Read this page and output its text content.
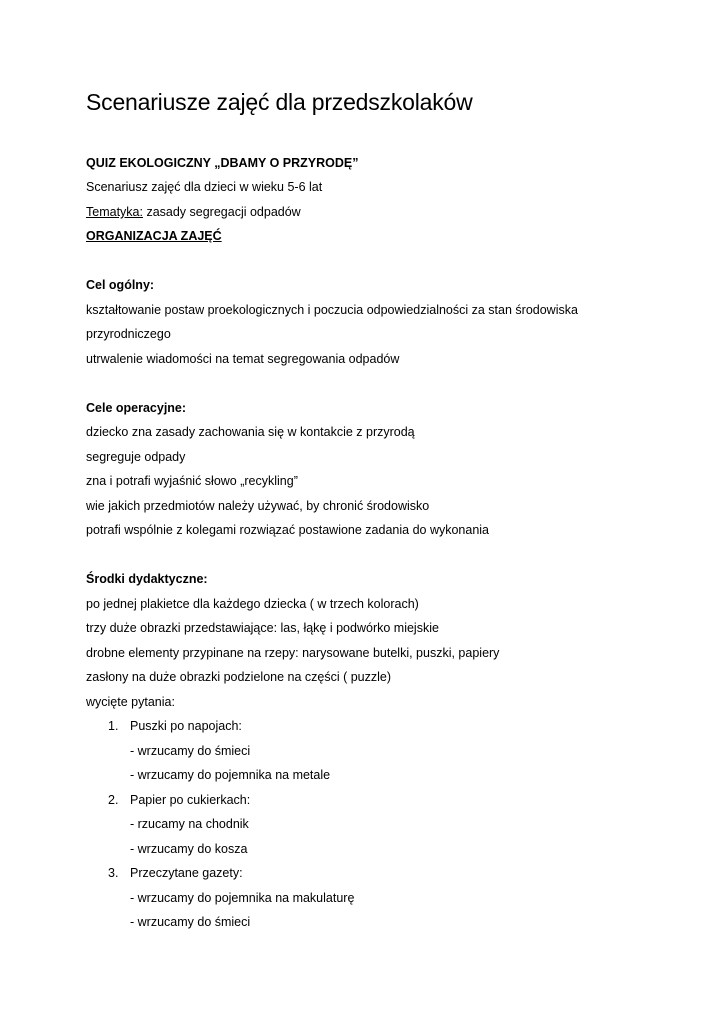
Scenariusze zajęć dla przedszkolaków
QUIZ EKOLOGICZNY „DBAMY O PRZYRODĘ”
Scenariusz zajęć dla dzieci w wieku 5-6 lat
Tematyka: zasady segregacji odpadów
ORGANIZACJA ZAJĘĆ
Cel ogólny:
kształtowanie postaw proekologicznych i poczucia odpowiedzialności za stan środowiska
przyrodniczego
utrwalenie wiadomości na temat segregowania odpadów
Cele operacyjne:
dziecko zna zasady zachowania się w kontakcie z przyrodą
segreguje odpady
zna i potrafi wyjaśnić słowo „recykling”
wie jakich przedmiotów należy używać, by chronić środowisko
potrafi wspólnie z kolegami rozwiązać postawione zadania do wykonania
Środki dydaktyczne:
po jednej plakietce dla każdego dziecka ( w trzech kolorach)
trzy duże obrazki przedstawiające: las, łąkę i podwórko miejskie
drobne elementy przypinane na rzepy: narysowane butelki, puszki, papiery
zasłony na duże obrazki podzielone na części ( puzzle)
wycięte pytania:
1. Puszki po napojach:
- wrzucamy do śmieci
- wrzucamy do pojemnika na metale
2. Papier po cukierkach:
- rzucamy na chodnik
- wrzucamy do kosza
3. Przeczytane gazety:
- wrzucamy do pojemnika na makulaturę
- wrzucamy do śmieci
